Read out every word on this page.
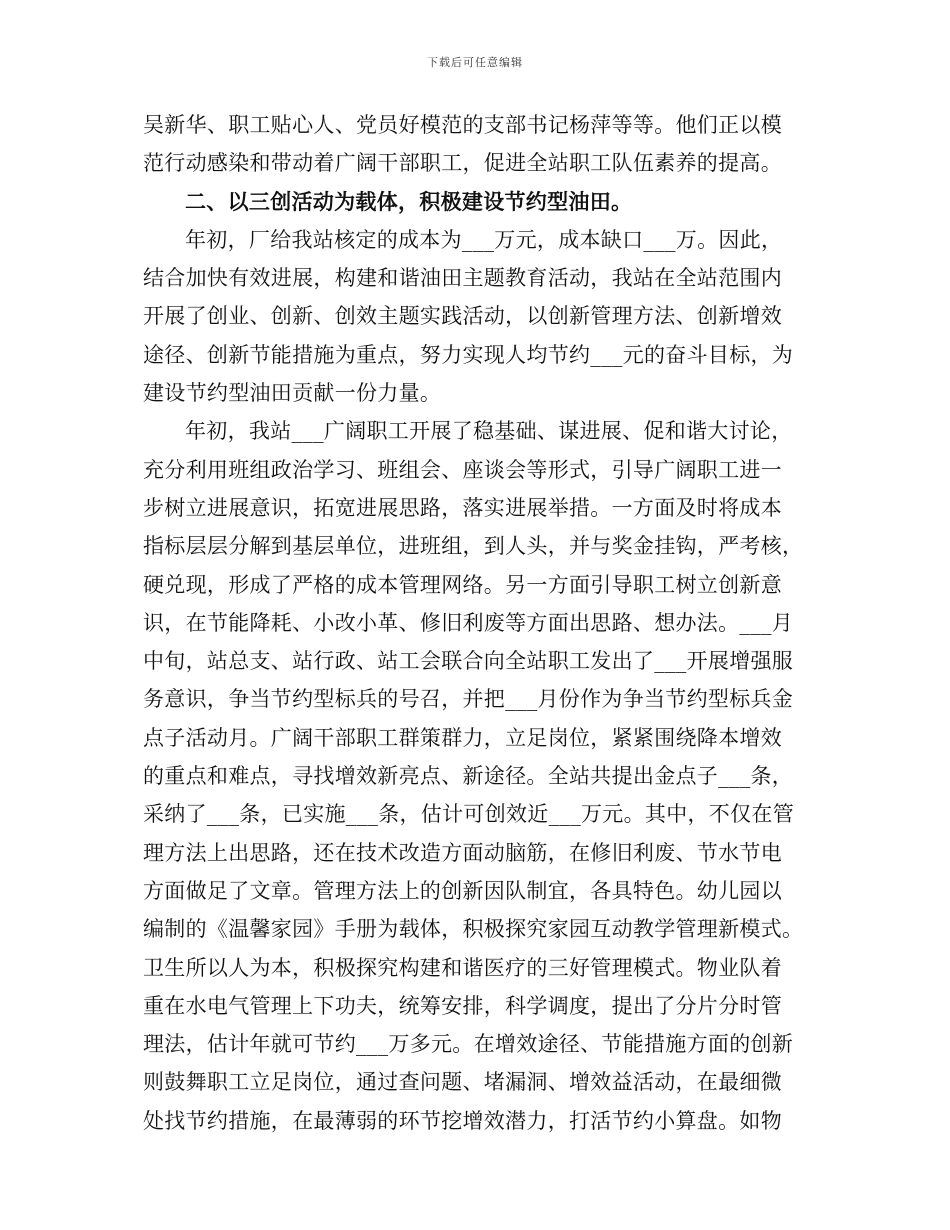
下载后可任意编辑
吴新华、职工贴心人、党员好模范的支部书记杨萍等等。他们正以模
范行动感染和带动着广阔干部职工，促进全站职工队伍素养的提高。
二、以三创活动为载体，积极建设节约型油田。
年初，厂给我站核定的成本为___万元，成本缺口___万。因此，
结合加快有效进展，构建和谐油田主题教育活动，我站在全站范围内
开展了创业、创新、创效主题实践活动，以创新管理方法、创新增效
途径、创新节能措施为重点，努力实现人均节约___元的奋斗目标，为
建设节约型油田贡献一份力量。
年初，我站___广阔职工开展了稳基础、谋进展、促和谐大讨论，
充分利用班组政治学习、班组会、座谈会等形式，引导广阔职工进一
步树立进展意识，拓宽进展思路，落实进展举措。一方面及时将成本
指标层层分解到基层单位，进班组，到人头，并与奖金挂钩，严考核，
硬兑现，形成了严格的成本管理网络。另一方面引导职工树立创新意
识，在节能降耗、小改小革、修旧利废等方面出思路、想办法。___月
中旬，站总支、站行政、站工会联合向全站职工发出了___开展增强服
务意识，争当节约型标兵的号召，并把___月份作为争当节约型标兵金
点子活动月。广阔干部职工群策群力，立足岗位，紧紧围绕降本增效
的重点和难点，寻找增效新亮点、新途径。全站共提出金点子___条，
采纳了___条，已实施___条，估计可创效近___万元。其中，不仅在管
理方法上出思路，还在技术改造方面动脑筋，在修旧利废、节水节电
方面做足了文章。管理方法上的创新因队制宜，各具特色。幼儿园以
编制的《温馨家园》手册为载体，积极探究家园互动教学管理新模式。
卫生所以人为本，积极探究构建和谐医疗的三好管理模式。物业队着
重在水电气管理上下功夫，统筹安排，科学调度，提出了分片分时管
理法，估计年就可节约___万多元。在增效途径、节能措施方面的创新
则鼓舞职工立足岗位，通过查问题、堵漏洞、增效益活动，在最细微
处找节约措施，在最薄弱的环节挖增效潜力，打活节约小算盘。如物
